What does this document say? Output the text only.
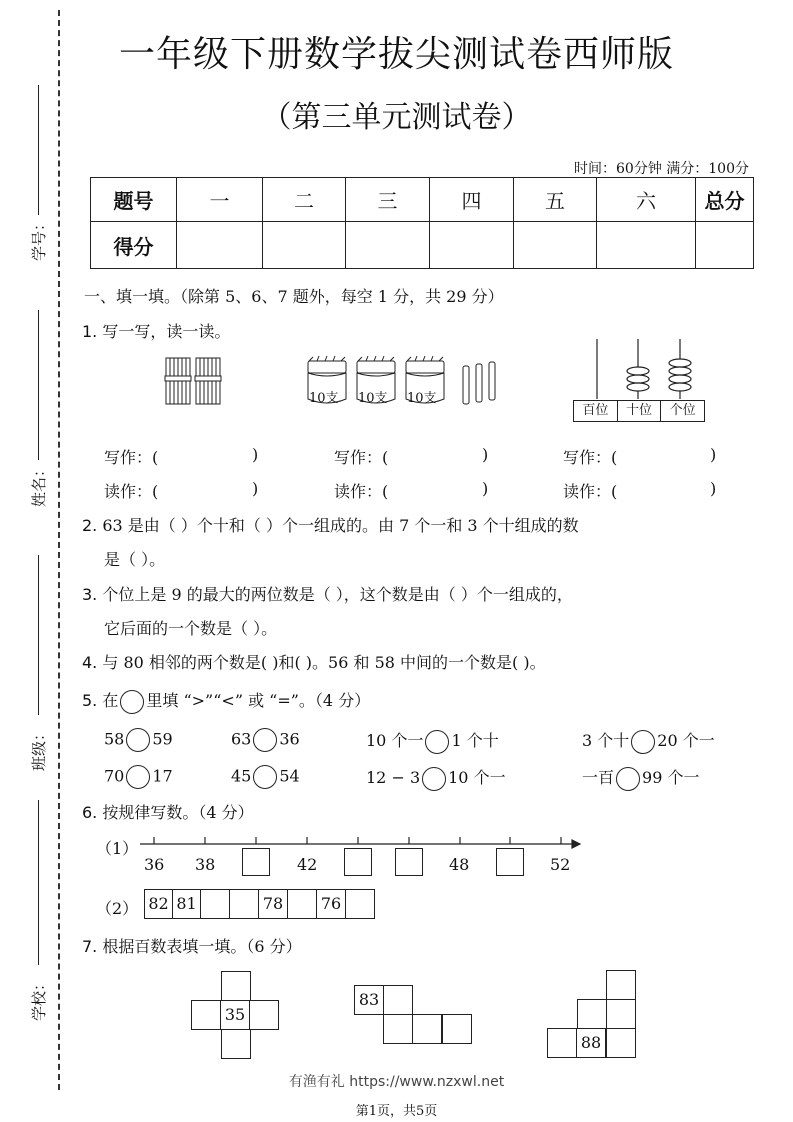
学号：
姓名：
班级：
学校：
一年级下册数学拔尖测试卷西师版
（第三单元测试卷）
时间：60分钟 满分：100分
题号	一	二	三	四	五	六	总分
得分							
一、填一填。（除第 5、6、7 题外，每空 1 分，共 29 分）
1. 写一写，读一读。
10支 10支 10支
百位	十位	个位
写作：(	)	写作：(	)	写作：(	)
读作：(	)	读作：(	)	读作：(	)
2. 63 是由（ ）个十和（ ）个一组成的。由 7 个一和 3 个十组成的数
是（ ）。
3. 个位上是 9 的最大的两位数是（ ），这个数是由（ ）个一组成的，
它后面的一个数是（ ）。
4. 与 80 相邻的两个数是( )和( )。56 和 58 中间的一个数是( )。
5. 在 里填 “>”“<” 或 “=”。（4 分）
58 59	63 36	10 个一 1 个十	3 个十 20 个一
70 17	45 54	12 − 3 10 个一	一百 99 个一
6. 按规律写数。（4 分）
（1）
36 38	42	48	52
（2） 82 81	78	76
7. 根据百数表填一填。（6 分）
35
83
88
有渔有礼 https://www.nzxwl.net
第1页，共5页
